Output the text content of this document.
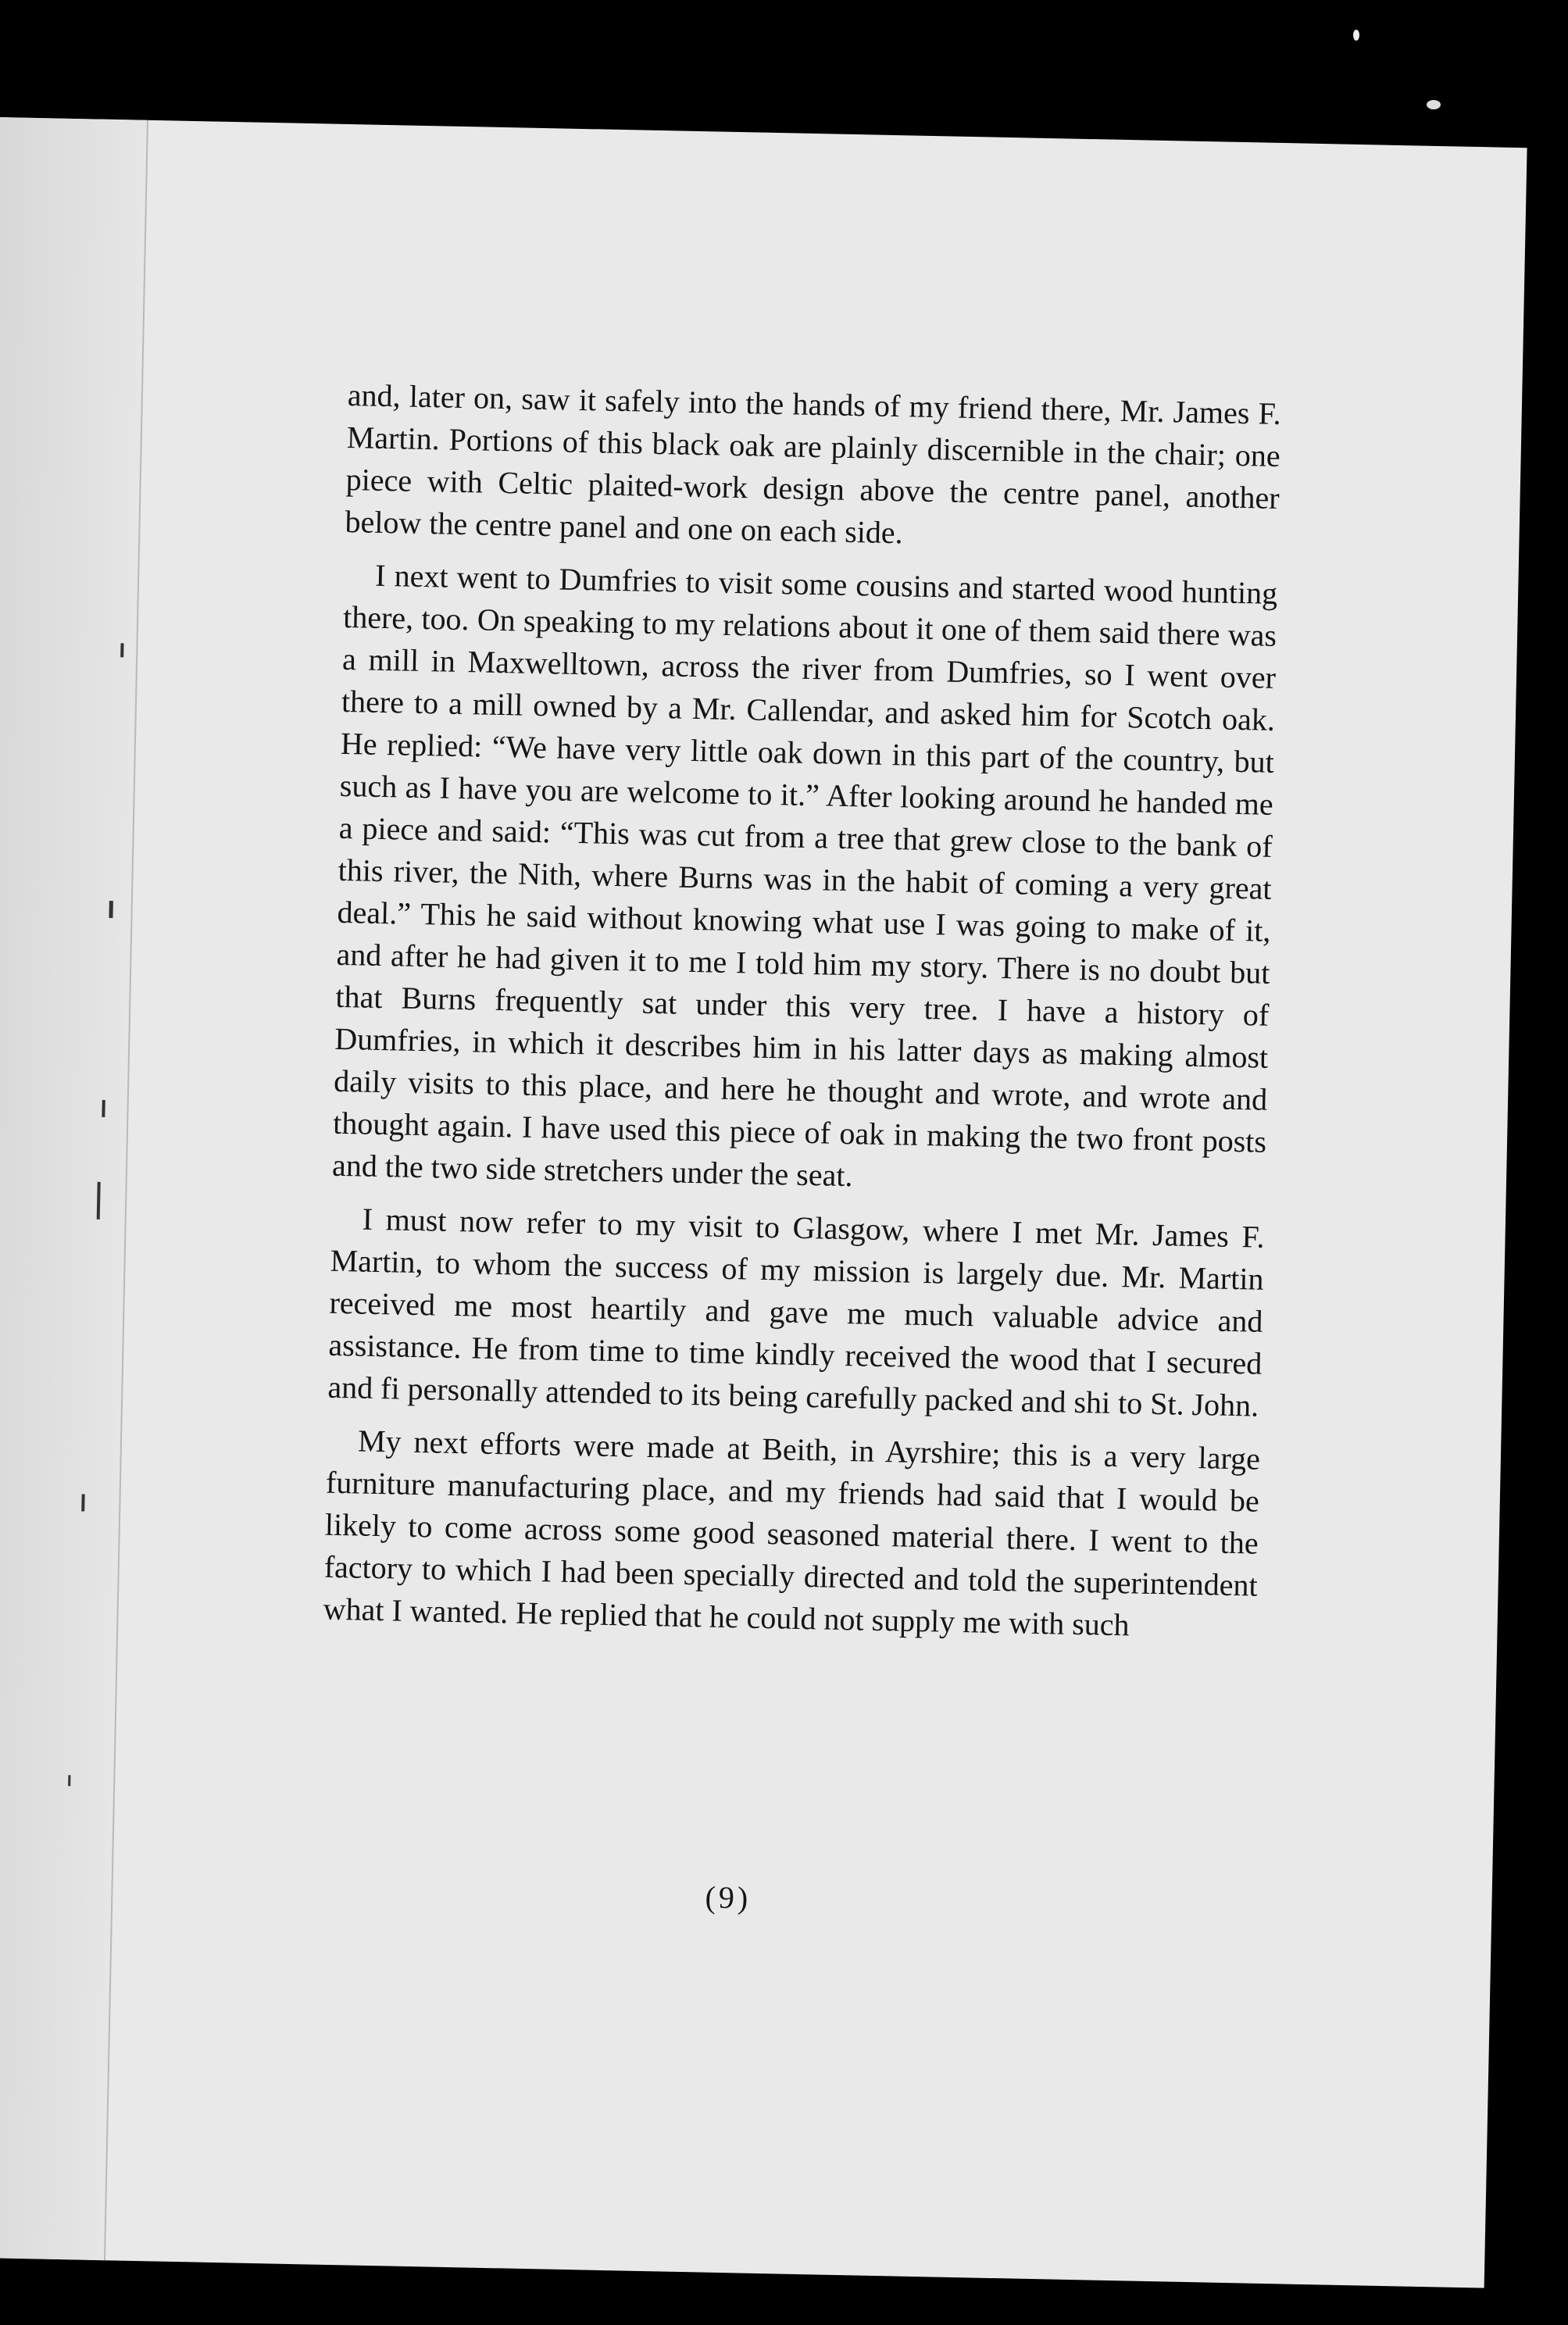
and, later on, saw it safely into the hands of my friend there, Mr. James F. Martin. Portions of this black oak are plainly discernible in the chair; one piece with Celtic plaited-work design above the centre panel, another below the centre panel and one on each side.

I next went to Dumfries to visit some cousins and started wood hunting there, too. On speaking to my relations about it one of them said there was a mill in Maxwelltown, across the river from Dumfries, so I went over there to a mill owned by a Mr. Callendar, and asked him for Scotch oak. He replied: “We have very little oak down in this part of the country, but such as I have you are welcome to it.” After looking around he handed me a piece and said: “This was cut from a tree that grew close to the bank of this river, the Nith, where Burns was in the habit of coming a very great deal.” This he said without knowing what use I was going to make of it, and after he had given it to me I told him my story. There is no doubt but that Burns frequently sat under this very tree. I have a history of Dumfries, in which it describes him in his latter days as making almost daily visits to this place, and here he thought and wrote, and wrote and thought again. I have used this piece of oak in making the two front posts and the two side stretchers under the seat.

I must now refer to my visit to Glasgow, where I met Mr. James F. Martin, to whom the success of my mission is largely due. Mr. Martin received me most heartily and gave me much valuable advice and assistance. He from time to time kindly received the wood that I secured and fi personally attended to its being carefully packed and shi to St. John.

My next efforts were made at Beith, in Ayrshire; this is a very large furniture manufacturing place, and my friends had said that I would be likely to come across some good seasoned material there. I went to the factory to which I had been specially directed and told the superintendent what I wanted. He replied that he could not supply me with such

(9)
